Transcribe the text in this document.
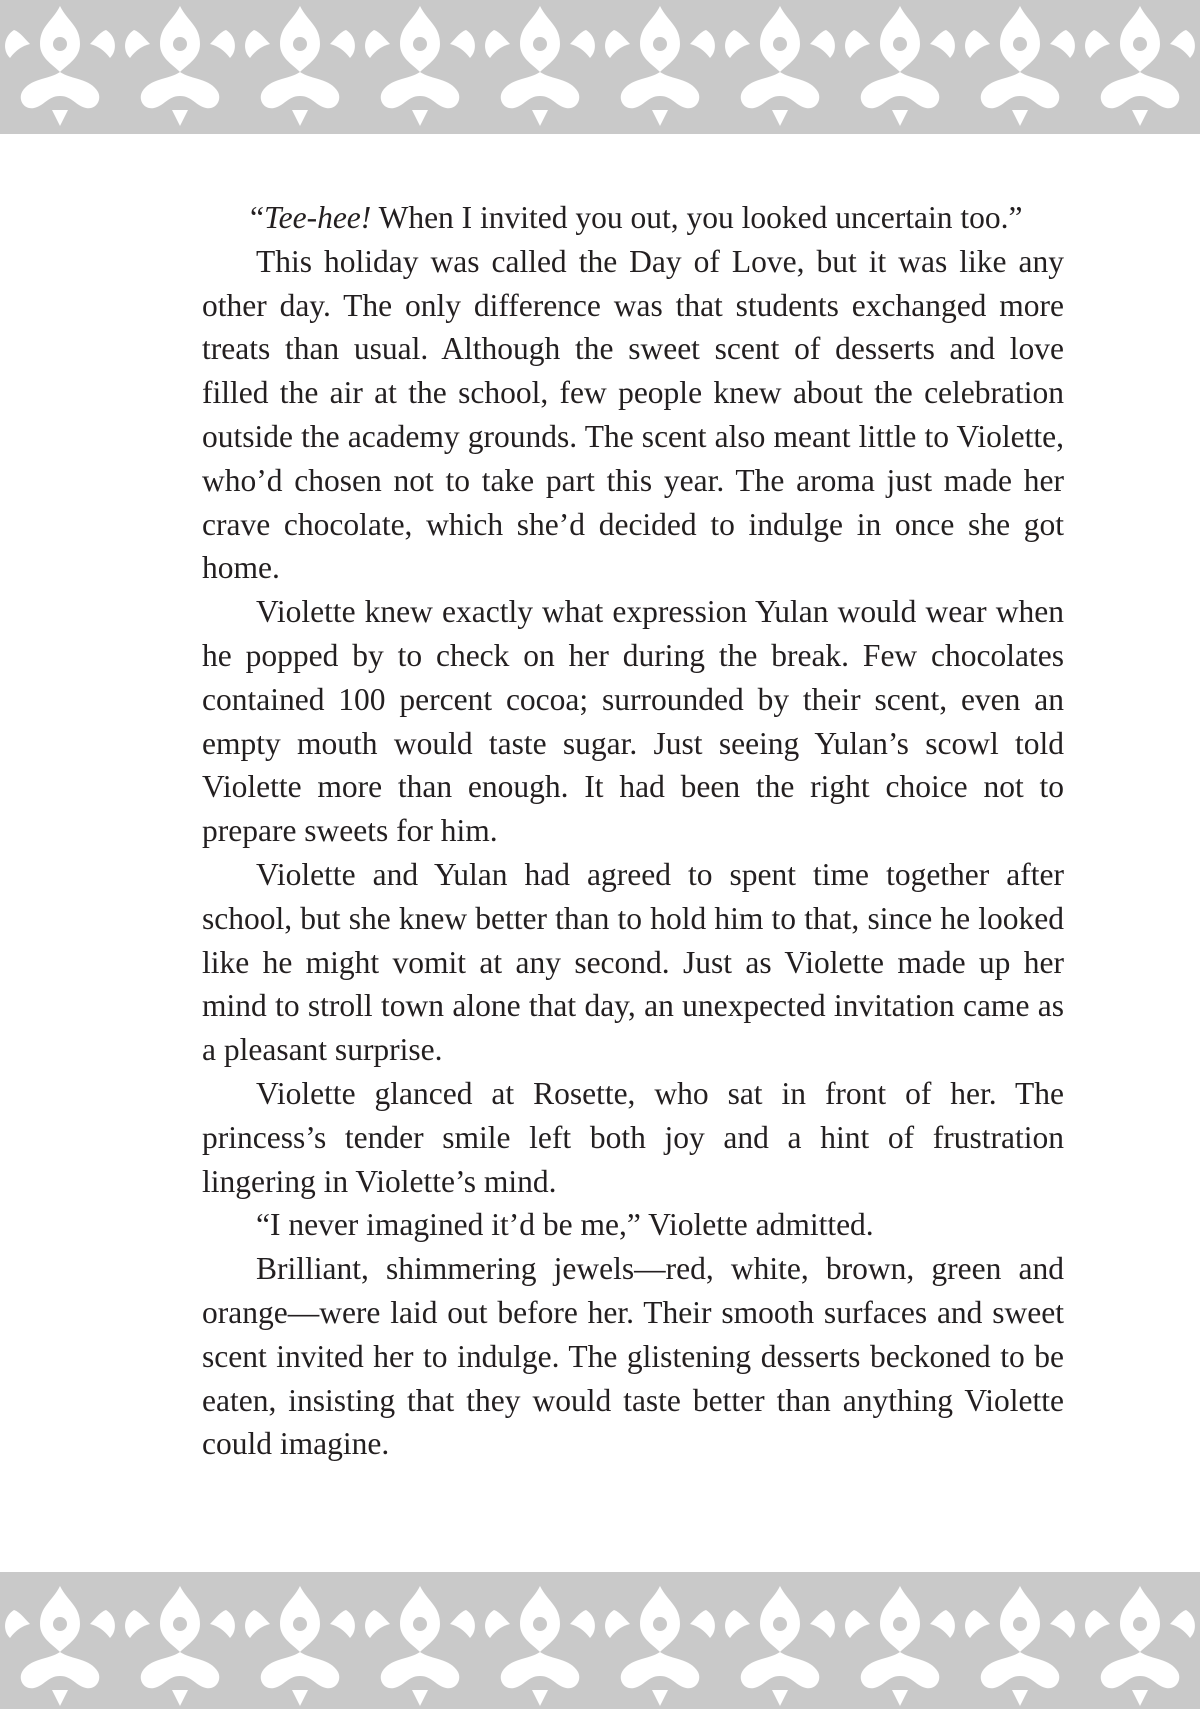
“Tee-hee! When I invited you out, you looked uncertain too.”

This holiday was called the Day of Love, but it was like any other day. The only difference was that students exchanged more treats than usual. Although the sweet scent of desserts and love filled the air at the school, few people knew about the celebration outside the academy grounds. The scent also meant little to Violette, who’d chosen not to take part this year. The aroma just made her crave chocolate, which she’d decided to indulge in once she got home.

Violette knew exactly what expression Yulan would wear when he popped by to check on her during the break. Few chocolates contained 100 percent cocoa; surrounded by their scent, even an empty mouth would taste sugar. Just seeing Yulan’s scowl told Violette more than enough. It had been the right choice not to prepare sweets for him.

Violette and Yulan had agreed to spent time together after school, but she knew better than to hold him to that, since he looked like he might vomit at any second. Just as Violette made up her mind to stroll town alone that day, an unexpected invitation came as a pleasant surprise.

Violette glanced at Rosette, who sat in front of her. The princess’s tender smile left both joy and a hint of frustration lingering in Violette’s mind.

“I never imagined it’d be me,” Violette admitted.

Brilliant, shimmering jewels—red, white, brown, green and orange—were laid out before her. Their smooth surfaces and sweet scent invited her to indulge. The glistening desserts beckoned to be eaten, insisting that they would taste better than anything Violette could imagine.
